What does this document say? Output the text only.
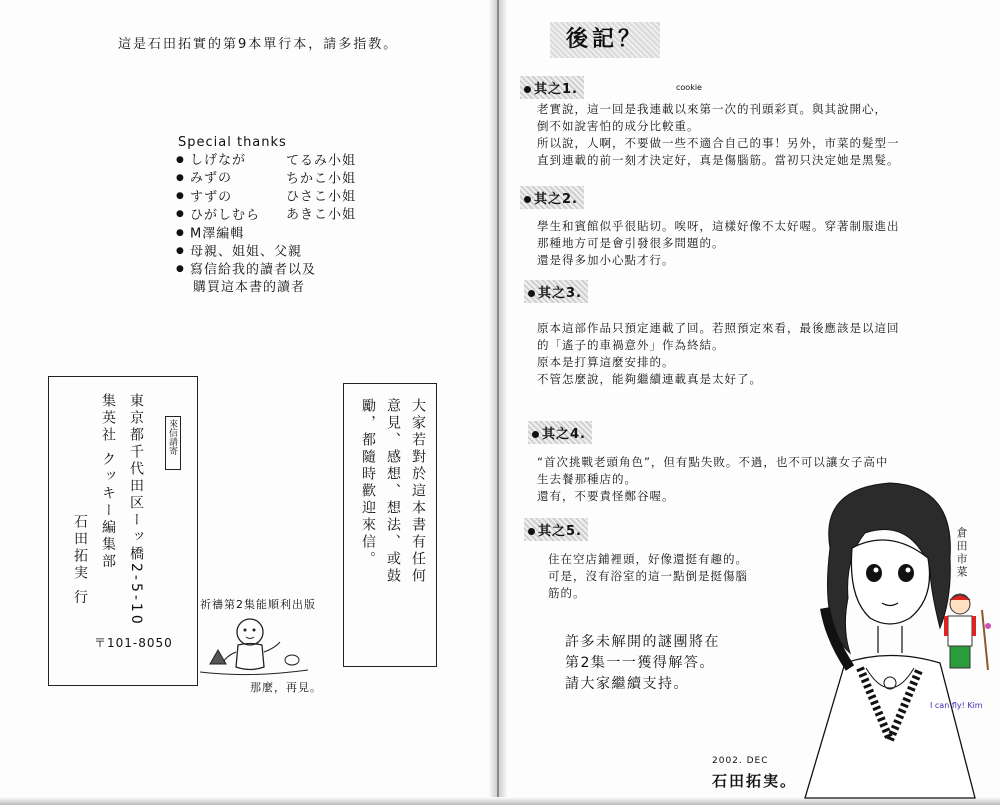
這是石田拓實的第9本單行本，請多指教。
Special thanks
● しげなが	てるみ小姐
● みずの	ちかこ小姐
● すずの	ひさこ小姐
● ひがしむら あきこ小姐
● M澤編輯
● 母親、姐姐、父親
● 寫信給我的讀者以及
購買這本書的讀者
來信請寄
東京都千代田区ーッ橋2-5-10
集英社 クッキー編集部
石田拓実 行
〒101-8050
大家若對於這本書有任何
意見、感想、想法、或鼓
勵，都隨時歡迎來信。
祈禱第2集能順利出版
那麼，再見。
後記？
cookie
其之1.
老實說，這一回是我連載以來第一次的刊頭彩頁。與其說開心，
倒不如說害怕的成分比較重。
所以說，人啊，不要做一些不適合自己的事！另外，市菜的髮型一
直到連載的前一刻才決定好，真是傷腦筋。當初只決定她是黑髮。
其之2.
學生和賓館似乎很貼切。唉呀，這樣好像不太好喔。穿著制服進出
那種地方可是會引發很多問題的。
還是得多加小心點才行。
其之3.
原本這部作品只預定連載了回。若照預定來看，最後應該是以這回
的「遙子的車禍意外」作為終結。
原本是打算這麼安排的。
不管怎麼說，能夠繼續連載真是太好了。
其之4.
“首次挑戰老頭角色”，但有點失敗。不過，也不可以讓女子高中
生去餐那種店的。
還有，不要責怪鄭谷喔。
其之5.
住在空店鋪裡頭，好像還挺有趣的。
可是，沒有浴室的這一點倒是挺傷腦
筋的。
許多未解開的謎團將在
第2集一一獲得解答。
請大家繼續支持。
I can fly! Kim
倉田市菜
2002. DEC
石田拓実。
